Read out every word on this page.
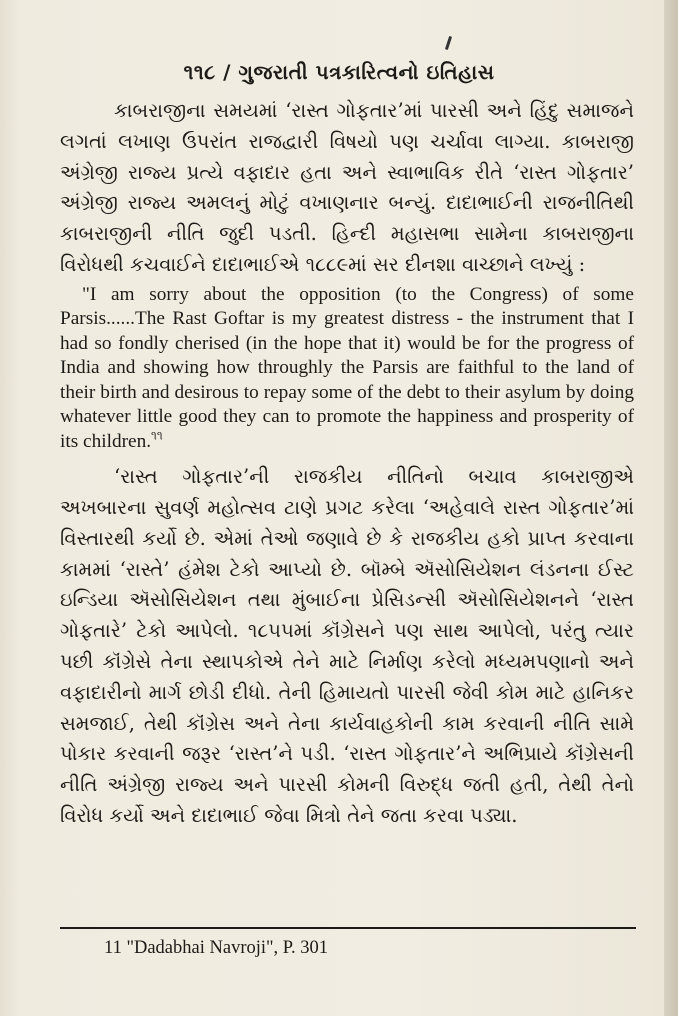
૧૧૮ / ગુજરાતી પત્રકારિત્વનો ઇતિહાસ

કાબરાજીના સમયમાં ‘રાસ્ત ગોફતાર’માં પારસી અને હિંદુ સમાજને લગતાં લખાણ ઉપરાંત રાજદ્વારી વિષયો પણ ચર્ચાવા લાગ્યા. કાબરાજી અંગ્રેજી રાજ્ય પ્રત્યે વફાદાર હતા અને સ્વાભાવિક રીતે ‘રાસ્ત ગોફતાર’ અંગ્રેજી રાજ્ય અમલનું મોટું વખાણનાર બન્યું. દાદાભાઈની રાજનીતિથી કાબરાજીની નીતિ જુદી પડતી. હિન્દી મહાસભા સામેના કાબરાજીના વિરોધથી કચવાઈને દાદાભાઈએ ૧૮૮૯માં સર દીનશા વાચ્છાને લખ્યું :

"I am sorry about the opposition (to the Congress) of some Parsis......The Rast Goftar is my greatest distress - the instrument that I had so fondly cherised (in the hope that it) would be for the progress of India and showing how throughly the Parsis are faithful to the land of their birth and desirous to repay some of the debt to their asylum by doing whatever little good they can to promote the happiness and prosperity of its children.$^{૧૧}$

‘રાસ્ત ગોફતાર’ની રાજકીય નીતિનો બચાવ કાબરાજીએ અખબારના સુવર્ણ મહોત્સવ ટાણે પ્રગટ કરેલા ‘અહેવાલે રાસ્ત ગોફતાર’માં વિસ્તારથી કર્યો છે. એમાં તેઓ જણાવે છે કે રાજકીય હકો પ્રાપ્ત કરવાના કામમાં ‘રાસ્તે’ હંમેશ ટેકો આપ્યો છે. બૉમ્બે ઍસોસિયેશન લંડનના ઈસ્ટ ઇન્ડિયા ઍસોસિયેશન તથા મુંબાઈના પ્રેસિડન્સી ઍસોસિયેશનને ‘રાસ્ત ગોફતારે’ ટેકો આપેલો. ૧૮૫૫માં કૉંગ્રેસને પણ સાથ આપેલો, પરંતુ ત્યાર પછી કૉંગ્રેસે તેના સ્થાપકોએ તેને માટે નિર્માણ કરેલો મધ્યમપણાનો અને વફાદારીનો માર્ગ છોડી દીધો. તેની હિમાયતો પારસી જેવી કોમ માટે હાનિકર સમજાઈ, તેથી કૉંગ્રેસ અને તેના કાર્યવાહકોની કામ કરવાની નીતિ સામે પોકાર કરવાની જરૂર ‘રાસ્ત’ને પડી. ‘રાસ્ત ગોફતાર’ને અભિપ્રાયે કૉંગ્રેસની નીતિ અંગ્રેજી રાજ્ય અને પારસી કોમની વિરુદ્ધ જતી હતી, તેથી તેનો વિરોધ કર્યો અને દાદાભાઈ જેવા મિત્રો તેને જતા કરવા પડ્યા.

11 "Dadabhai Navroji", P. 301
